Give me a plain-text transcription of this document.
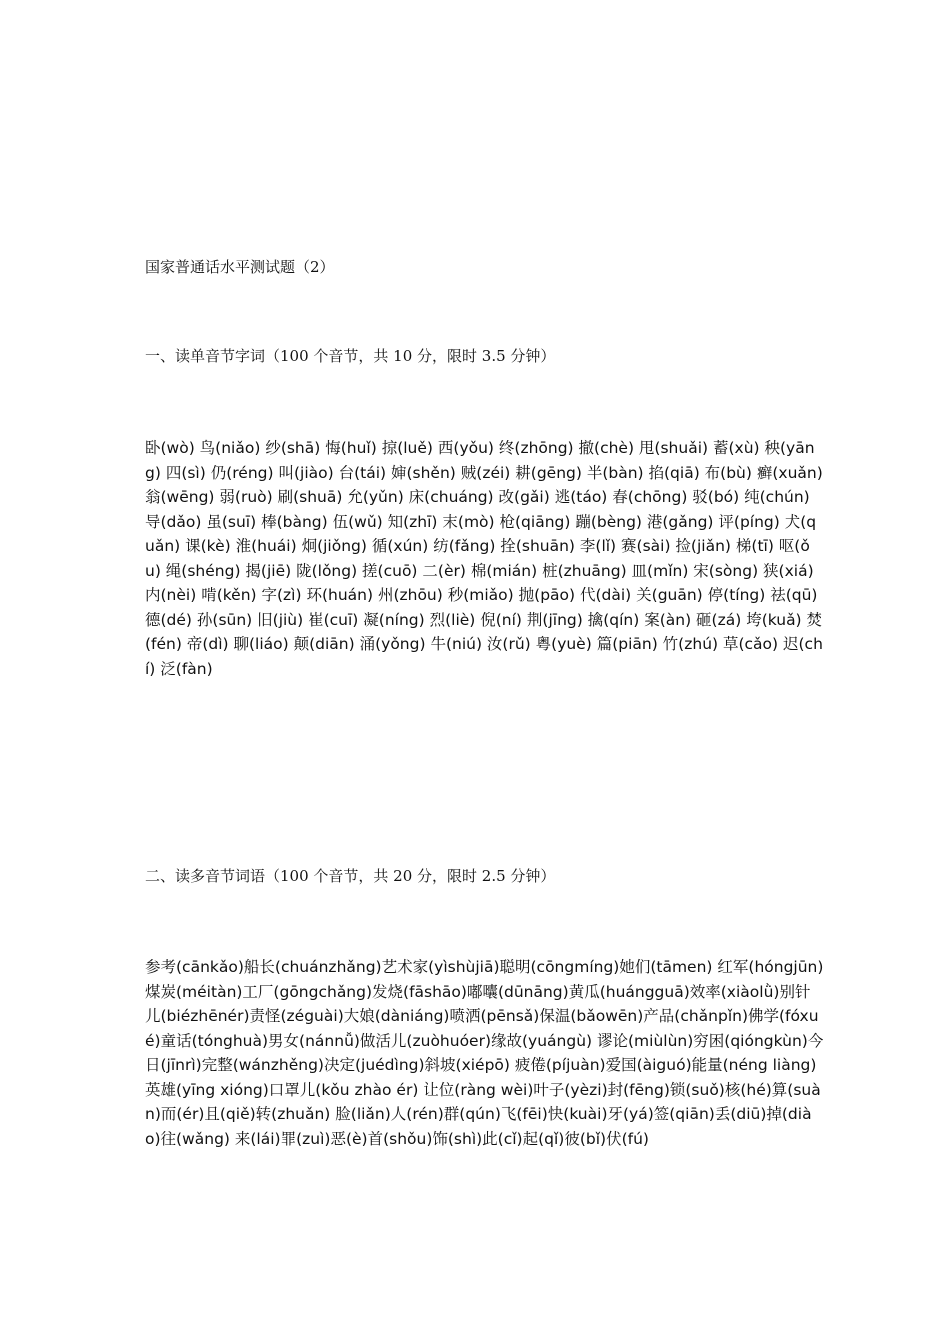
国家普通话水平测试题（2）
一、读单音节字词（100 个音节，共 10 分，限时 3.5 分钟）
卧(wò) 鸟(niǎo) 纱(shā) 悔(huǐ) 掠(luě) 西(yǒu) 终(zhōng) 撤(chè) 甩(shuǎi) 蓄(xù) 秧(yāng) 四(sì) 仍(réng) 叫(jiào) 台(tái) 婶(shěn) 贼(zéi) 耕(gēng) 半(bàn) 掐(qiā) 布(bù) 癣(xuǎn) 翁(wēng) 弱(ruò) 刷(shuā) 允(yǔn) 床(chuáng) 改(gǎi) 逃(táo) 春(chōng) 驳(bó) 纯(chún) 导(dǎo) 虽(suī) 棒(bàng) 伍(wǔ) 知(zhī) 末(mò) 枪(qiāng) 蹦(bèng) 港(gǎng) 评(píng) 犬(quǎn) 课(kè) 淮(huái) 炯(jiǒng) 循(xún) 纺(fǎng) 拴(shuān) 李(lǐ) 赛(sài) 捡(jiǎn) 梯(tī) 呕(ǒu) 绳(shéng) 揭(jiē) 陇(lǒng) 搓(cuō) 二(èr) 棉(mián) 桩(zhuāng) 皿(mǐn) 宋(sòng) 狭(xiá) 内(nèi) 啃(kěn) 字(zì) 环(huán) 州(zhōu) 秒(miǎo) 抛(pāo) 代(dài) 关(guān) 停(tíng) 祛(qū) 德(dé) 孙(sūn) 旧(jiù) 崔(cuī) 凝(níng) 烈(liè) 倪(ní) 荆(jīng) 擒(qín) 案(àn) 砸(zá) 垮(kuǎ) 焚(fén) 帝(dì) 聊(liáo) 颠(diān) 涌(yǒng) 牛(niú) 汝(rǔ) 粤(yuè) 篇(piān) 竹(zhú) 草(cǎo) 迟(chí) 泛(fàn)
二、读多音节词语（100 个音节，共 20 分，限时 2.5 分钟）
参考(cānkǎo)船长(chuánzhǎng)艺术家(yìshùjiā)聪明(cōngmíng)她们(tāmen) 红军(hóngjūn)煤炭(méitàn)工厂(gōngchǎng)发烧(fāshāo)嘟囔(dūnāng)黄瓜(huángguā)效率(xiàolǜ)别针儿(biézhēnér)责怪(zéguài)大娘(dàniáng)喷洒(pēnsǎ)保温(bǎowēn)产品(chǎnpǐn)佛学(fóxué)童话(tónghuà)男女(nánnǚ)做活儿(zuòhuóer)缘故(yuángù) 谬论(miùlùn)穷困(qióngkùn)今日(jīnrì)完整(wánzhěng)决定(juédìng)斜坡(xiépō) 疲倦(píjuàn)爱国(àiguó)能量(néng liàng)英雄(yīng xióng)口罩儿(kǒu zhào ér) 让位(ràng wèi)叶子(yèzi)封(fēng)锁(suǒ)核(hé)算(suàn)而(ér)且(qiě)转(zhuǎn) 脸(liǎn)人(rén)群(qún)飞(fēi)快(kuài)牙(yá)签(qiān)丢(diū)掉(diào)往(wǎng) 来(lái)罪(zuì)恶(è)首(shǒu)饰(shì)此(cǐ)起(qǐ)彼(bǐ)伏(fú)
